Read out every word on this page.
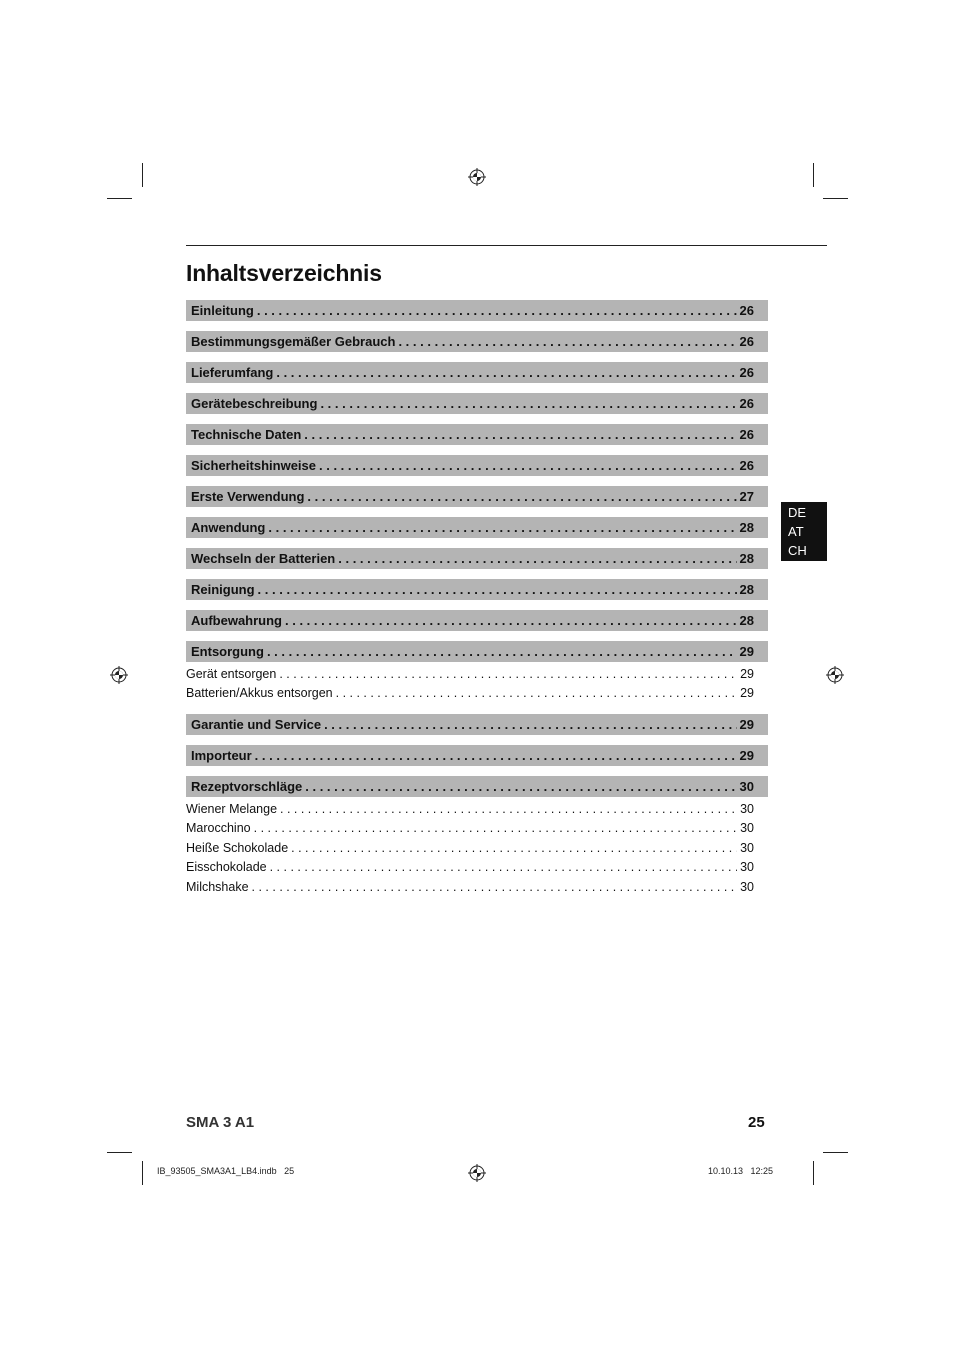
Inhaltsverzeichnis
Einleitung . . .	26
Bestimmungsgemäßer Gebrauch . . .	26
Lieferumfang . . .	26
Gerätebeschreibung . . .	26
Technische Daten . . .	26
Sicherheitshinweise . . .	26
Erste Verwendung . . .	27
Anwendung . . .	28
Wechseln der Batterien . . .	28
Reinigung . . .	28
Aufbewahrung . . .	28
Entsorgung . . .	29
Gerät entsorgen . . .	29
Batterien/Akkus entsorgen . . .	29
Garantie und Service . . .	29
Importeur . . .	29
Rezeptvorschläge . . .	30
Wiener Melange . . .	30
Marocchino . . .	30
Heiße Schokolade . . .	30
Eisschokolade . . .	30
Milchshake . . .	30
DE
AT
CH
SMA 3 A1	25
IB_93505_SMA3A1_LB4.indb   25	10.10.13   12:25
